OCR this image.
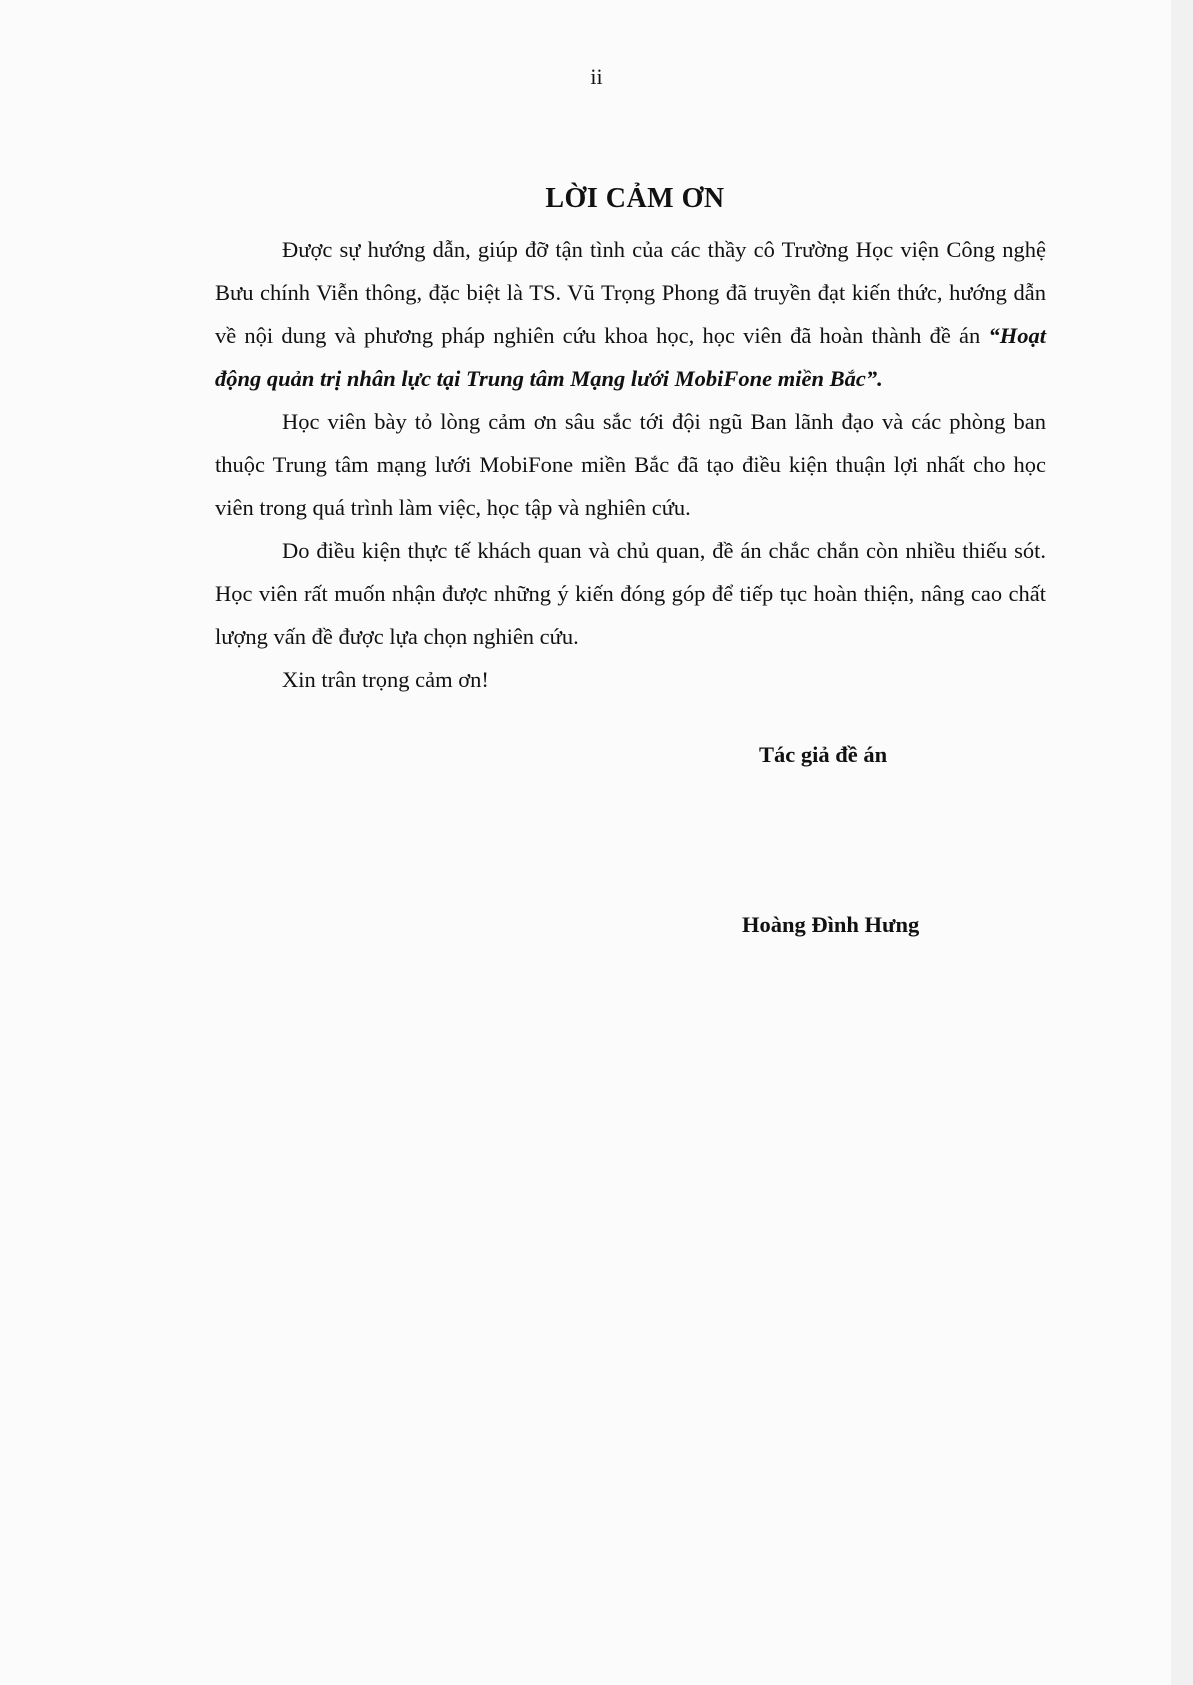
ii
LỜI CẢM ƠN

Được sự hướng dẫn, giúp đỡ tận tình của các thầy cô Trường Học viện Công nghệ Bưu chính Viễn thông, đặc biệt là TS. Vũ Trọng Phong đã truyền đạt kiến thức, hướng dẫn về nội dung và phương pháp nghiên cứu khoa học, học viên đã hoàn thành đề án “Hoạt động quản trị nhân lực tại Trung tâm Mạng lưới MobiFone miền Bắc”.

Học viên bày tỏ lòng cảm ơn sâu sắc tới đội ngũ Ban lãnh đạo và các phòng ban thuộc Trung tâm mạng lưới MobiFone miền Bắc đã tạo điều kiện thuận lợi nhất cho học viên trong quá trình làm việc, học tập và nghiên cứu.

Do điều kiện thực tế khách quan và chủ quan, đề án chắc chắn còn nhiều thiếu sót. Học viên rất muốn nhận được những ý kiến đóng góp để tiếp tục hoàn thiện, nâng cao chất lượng vấn đề được lựa chọn nghiên cứu.

Xin trân trọng cảm ơn!

Tác giả đề án
Hoàng Đình Hưng
